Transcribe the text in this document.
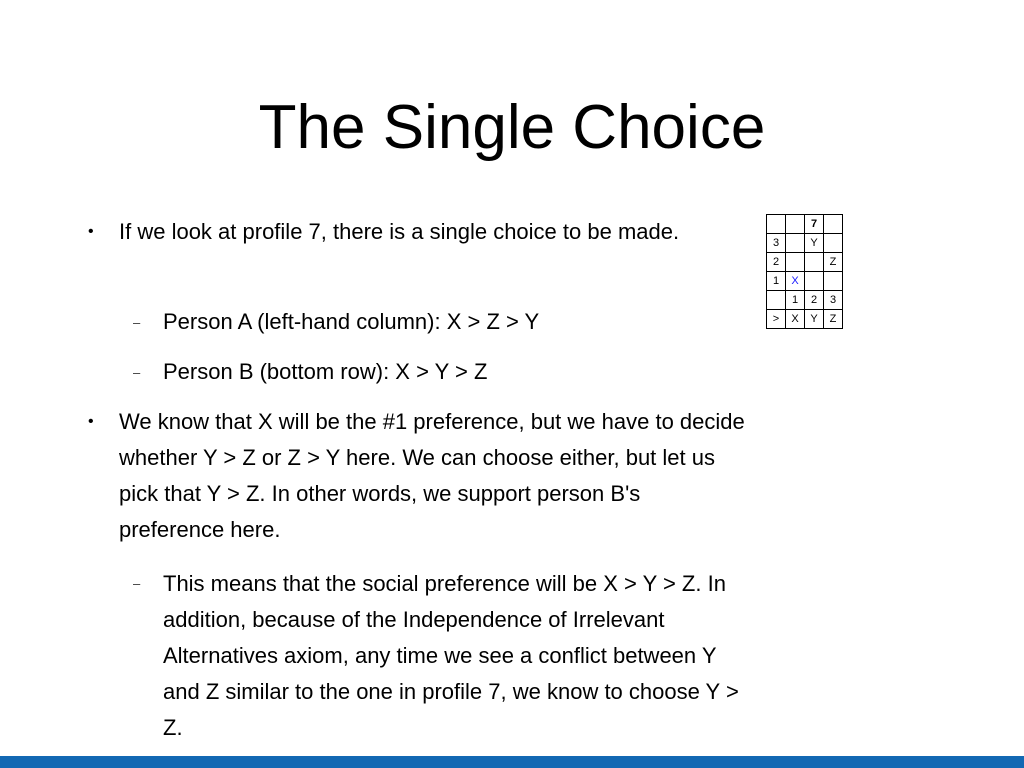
The Single Choice
• If we look at profile 7, there is a single choice to be made.

– Person A (left-hand column): X > Z > Y

– Person B (bottom row): X > Y > Z

• We know that X will be the #1 preference, but we have to decide whether Y > Z or Z > Y here. We can choose either, but let us pick that Y > Z. In other words, we support person B's preference here.

– This means that the social preference will be X > Y > Z. In addition, because of the Independence of Irrelevant Alternatives axiom, any time we see a conflict between Y and Z similar to the one in profile 7, we know to choose Y > Z.

		7	
3		Y	
2			Z
1	X		
	1	2	3
>	X	Y	Z
